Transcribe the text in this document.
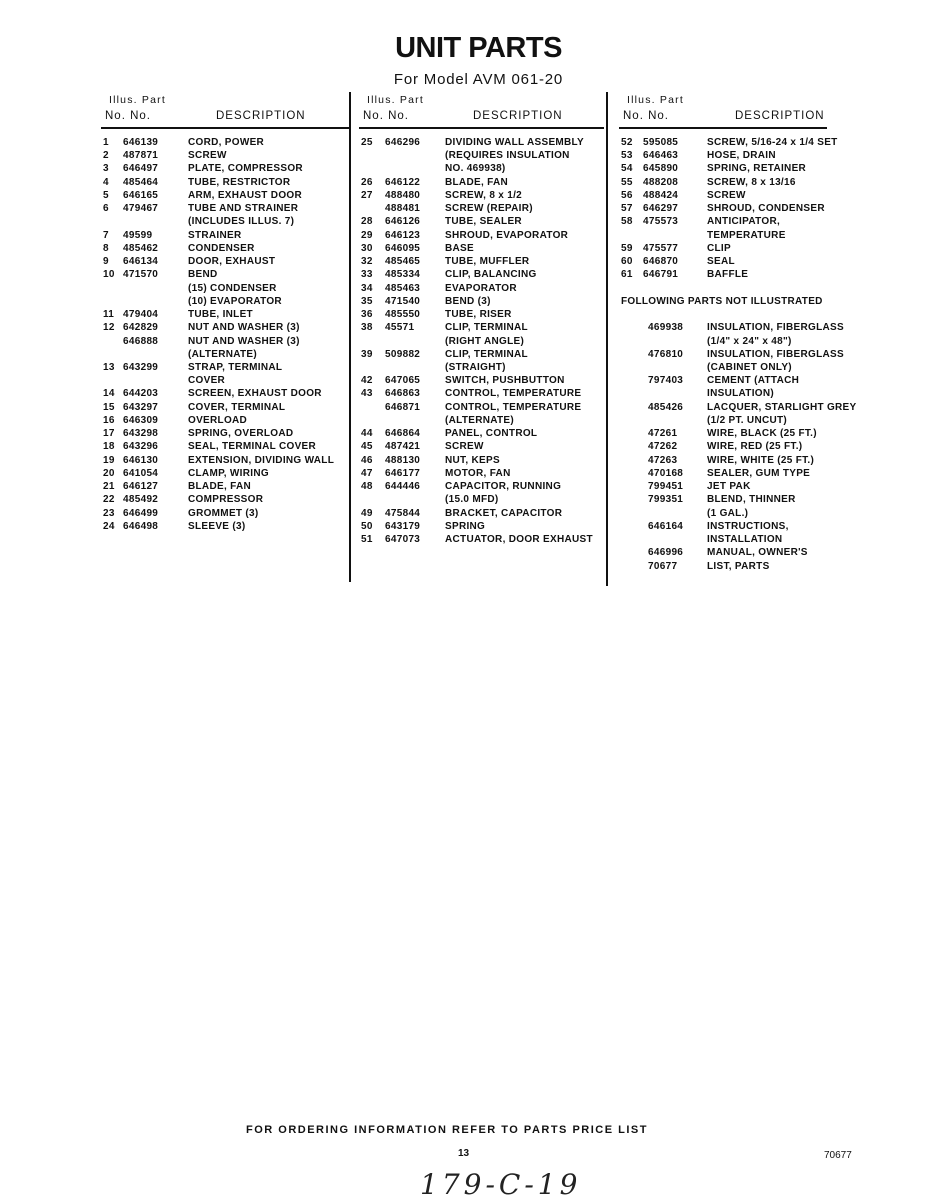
UNIT PARTS
For Model AVM 061-20
Illus. Part
No. No.	DESCRIPTION
1 646139	CORD, POWER
2 487871	SCREW
3 646497	PLATE, COMPRESSOR
4 485464	TUBE, RESTRICTOR
5 646165	ARM, EXHAUST DOOR
6 479467	TUBE AND STRAINER
(INCLUDES ILLUS. 7)
7 49599	STRAINER
8 485462	CONDENSER
9 646134	DOOR, EXHAUST
10 471570	BEND
(15) CONDENSER
(10) EVAPORATOR
11 479404	TUBE, INLET
12 642829	NUT AND WASHER (3)
646888	NUT AND WASHER (3)
(ALTERNATE)
13 643299	STRAP, TERMINAL
COVER
14 644203	SCREEN, EXHAUST DOOR
15 643297	COVER, TERMINAL
16 646309	OVERLOAD
17 643298	SPRING, OVERLOAD
18 643296	SEAL, TERMINAL COVER
19 646130	EXTENSION, DIVIDING WALL
20 641054	CLAMP, WIRING
21 646127	BLADE, FAN
22 485492	COMPRESSOR
23 646499	GROMMET (3)
24 646498	SLEEVE (3)
Illus. Part
No. No.	DESCRIPTION
25 646296 DIVIDING WALL ASSEMBLY
(REQUIRES INSULATION
NO. 469938)
26 646122 BLADE, FAN
27 488480 SCREW, 8 x 1/2
488481 SCREW (REPAIR)
28 646126 TUBE, SEALER
29 646123 SHROUD, EVAPORATOR
30 646095 BASE
32 485465 TUBE, MUFFLER
33 485334 CLIP, BALANCING
34 485463 EVAPORATOR
35 471540 BEND (3)
36 485550 TUBE, RISER
38 45571	CLIP, TERMINAL
(RIGHT ANGLE)
39 509882 CLIP, TERMINAL
(STRAIGHT)
42 647065 SWITCH, PUSHBUTTON
43 646863 CONTROL, TEMPERATURE
646871 CONTROL, TEMPERATURE
(ALTERNATE)
44 646864 PANEL, CONTROL
45 487421 SCREW
46 488130 NUT, KEPS
47 646177 MOTOR, FAN
48 644446 CAPACITOR, RUNNING
(15.0 MFD)
49 475844 BRACKET, CAPACITOR
50 643179 SPRING
51 647073 ACTUATOR, DOOR EXHAUST
Illus. Part
No. No.	DESCRIPTION
52 595085	SCREW, 5/16-24 x 1/4 SET
53 646463	HOSE, DRAIN
54 645890	SPRING, RETAINER
55 488208	SCREW, 8 x 13/16
56 488424	SCREW
57 646297	SHROUD, CONDENSER
58 475573	ANTICIPATOR,
TEMPERATURE
59 475577	CLIP
60 646870	SEAL
61 646791	BAFFLE
FOLLOWING PARTS NOT ILLUSTRATED
469938 INSULATION, FIBERGLASS
(1/4" x 24" x 48")
476810 INSULATION, FIBERGLASS
(CABINET ONLY)
797403 CEMENT (ATTACH
INSULATION)
485426 LACQUER, STARLIGHT GREY
(1/2 PT. UNCUT)
47261	WIRE, BLACK (25 FT.)
47262	WIRE, RED (25 FT.)
47263	WIRE, WHITE (25 FT.)
470168 SEALER, GUM TYPE
799451 JET PAK
799351 BLEND, THINNER
(1 GAL.)
646164 INSTRUCTIONS,
INSTALLATION
646996 MANUAL, OWNER'S
70677	LIST, PARTS
FOR ORDERING INFORMATION REFER TO PARTS PRICE LIST
13	70677
179-C-19
